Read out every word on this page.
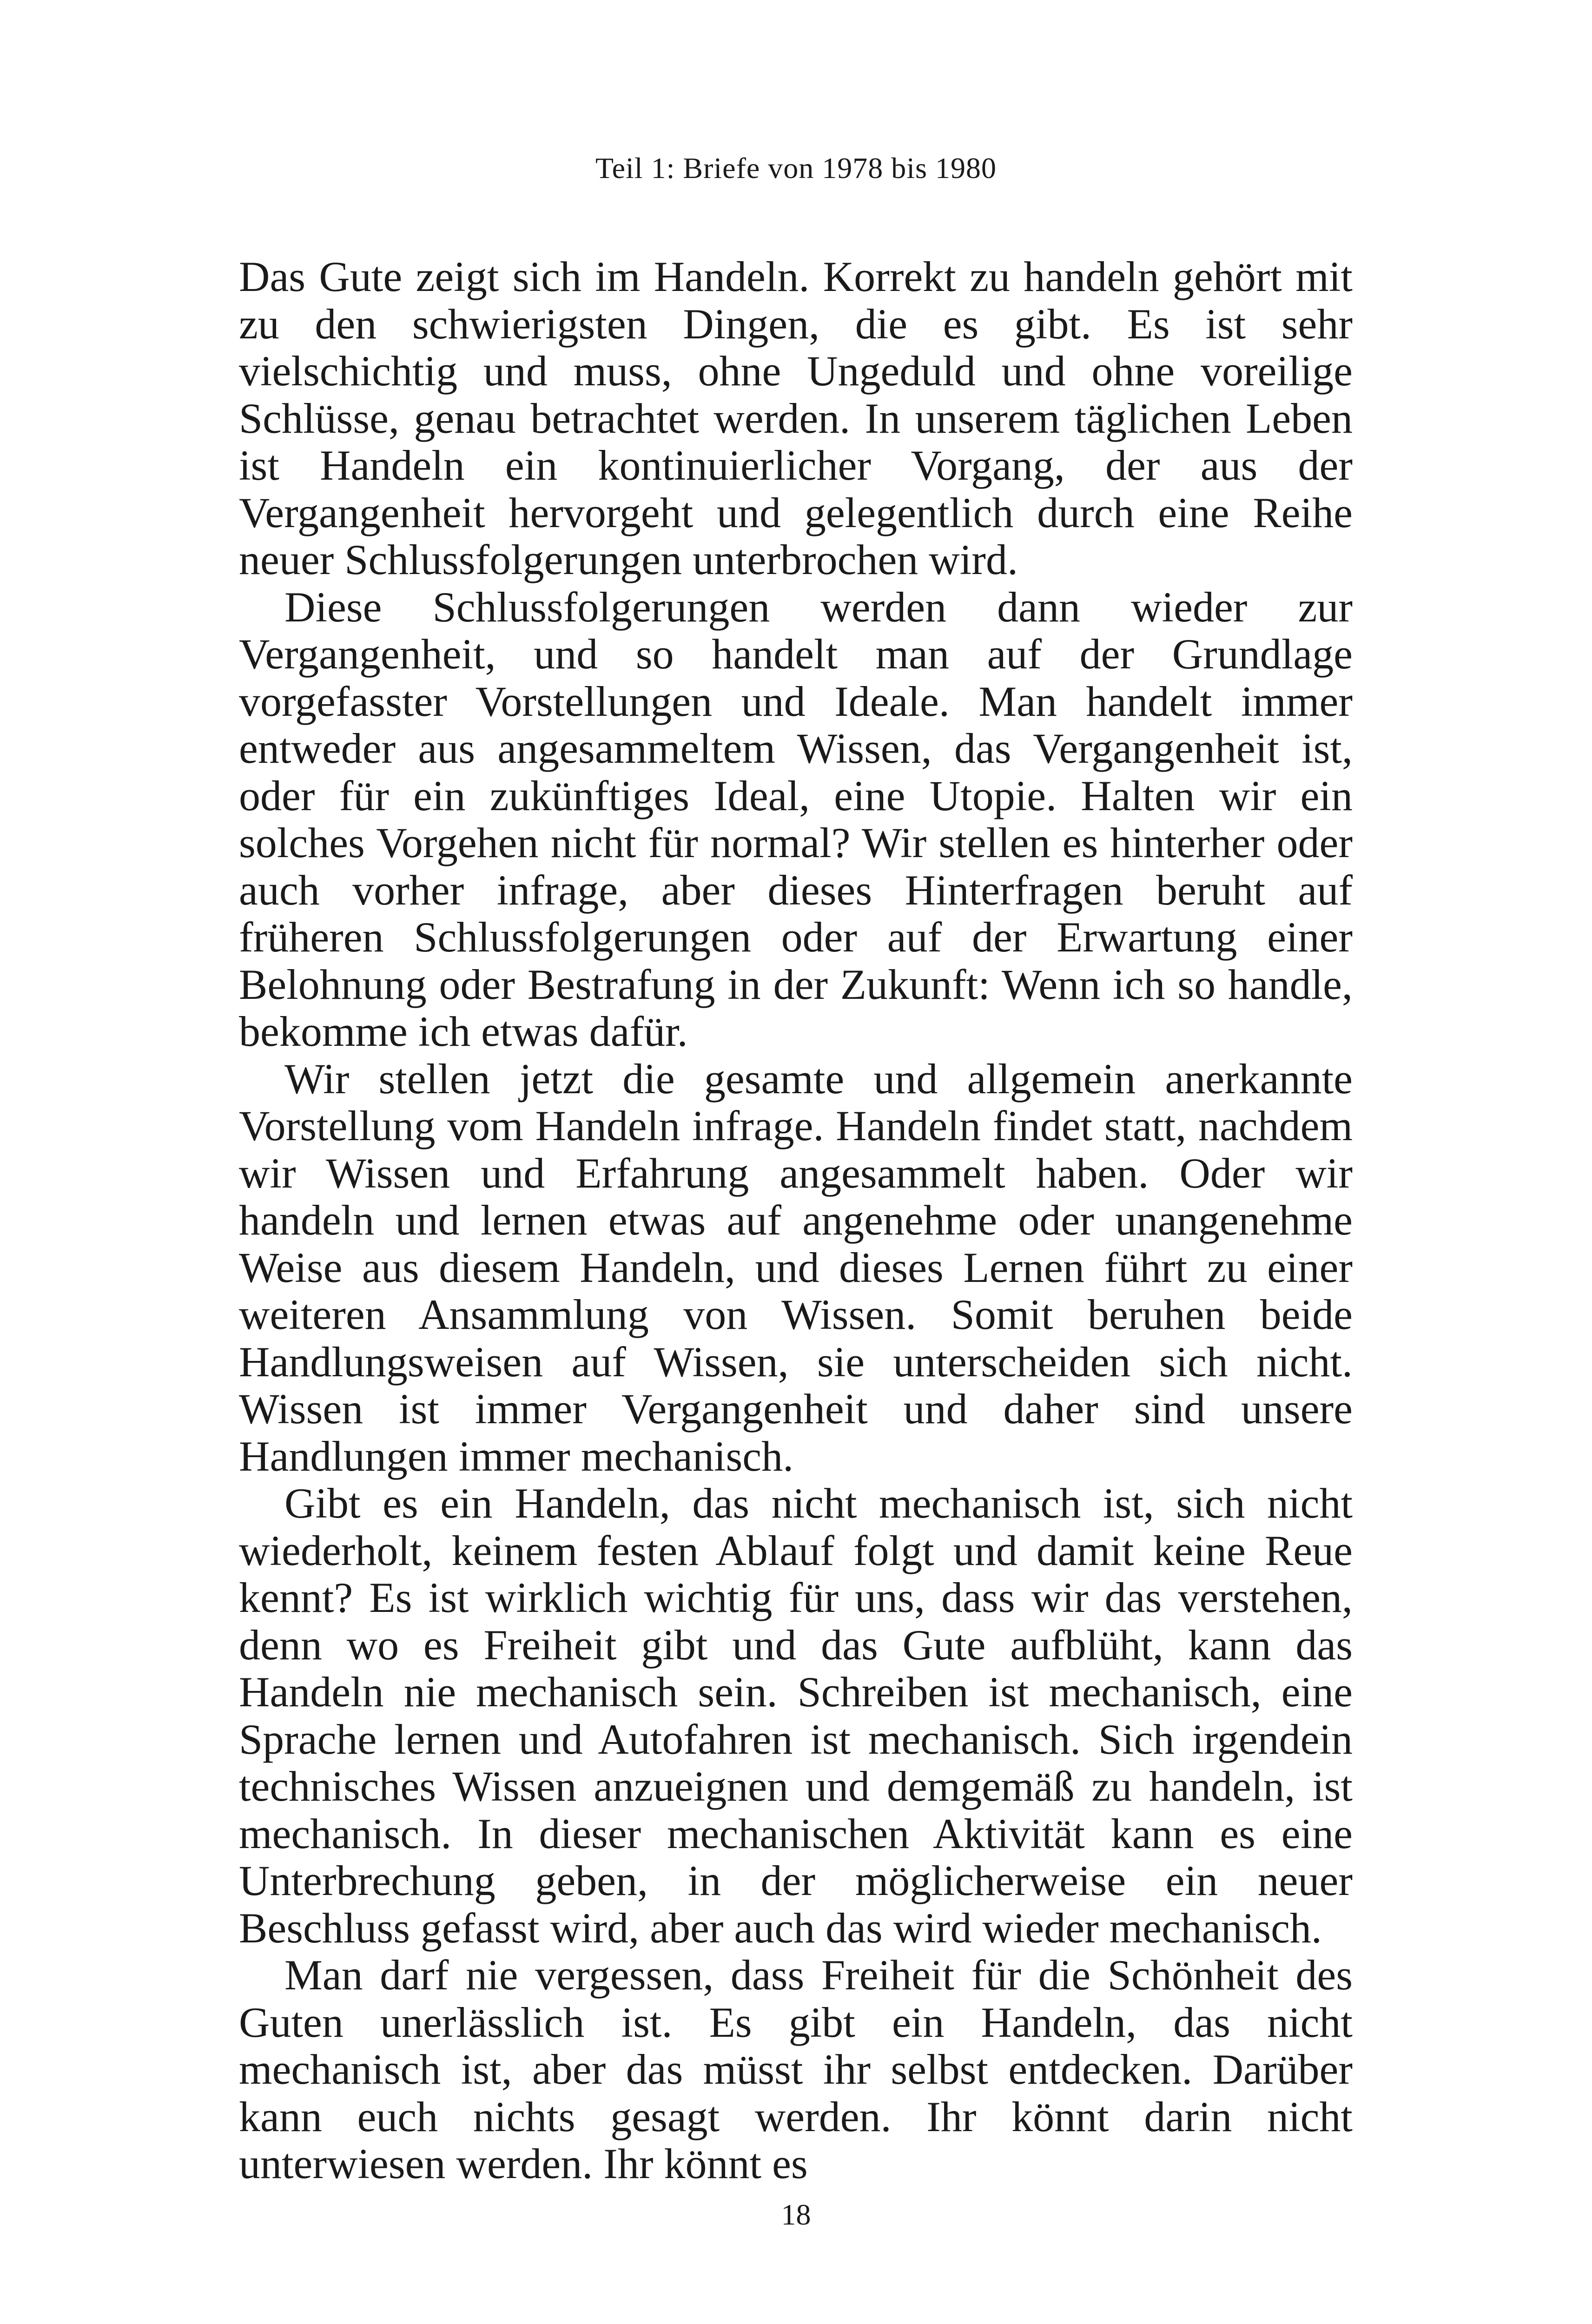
Teil 1: Briefe von 1978 bis 1980

Das Gute zeigt sich im Handeln. Korrekt zu handeln gehört mit zu den schwierigsten Dingen, die es gibt. Es ist sehr vielschichtig und muss, ohne Ungeduld und ohne voreilige Schlüsse, genau betrachtet werden. In unserem täglichen Leben ist Handeln ein kontinuierlicher Vorgang, der aus der Vergangenheit hervorgeht und gelegentlich durch eine Reihe neuer Schlussfolgerungen unterbrochen wird.

Diese Schlussfolgerungen werden dann wieder zur Vergangenheit, und so handelt man auf der Grundlage vorgefasster Vorstellungen und Ideale. Man handelt immer entweder aus angesammeltem Wissen, das Vergangenheit ist, oder für ein zukünftiges Ideal, eine Utopie. Halten wir ein solches Vorgehen nicht für normal? Wir stellen es hinterher oder auch vorher infrage, aber dieses Hinterfragen beruht auf früheren Schlussfolgerungen oder auf der Erwartung einer Belohnung oder Bestrafung in der Zukunft: Wenn ich so handle, bekomme ich etwas dafür.

Wir stellen jetzt die gesamte und allgemein anerkannte Vorstellung vom Handeln infrage. Handeln findet statt, nachdem wir Wissen und Erfahrung angesammelt haben. Oder wir handeln und lernen etwas auf angenehme oder unangenehme Weise aus diesem Handeln, und dieses Lernen führt zu einer weiteren Ansammlung von Wissen. Somit beruhen beide Handlungsweisen auf Wissen, sie unterscheiden sich nicht. Wissen ist immer Vergangenheit und daher sind unsere Handlungen immer mechanisch.

Gibt es ein Handeln, das nicht mechanisch ist, sich nicht wiederholt, keinem festen Ablauf folgt und damit keine Reue kennt? Es ist wirklich wichtig für uns, dass wir das verstehen, denn wo es Freiheit gibt und das Gute aufblüht, kann das Handeln nie mechanisch sein. Schreiben ist mechanisch, eine Sprache lernen und Autofahren ist mechanisch. Sich irgendein technisches Wissen anzueignen und demgemäß zu handeln, ist mechanisch. In dieser mechanischen Aktivität kann es eine Unterbrechung geben, in der möglicherweise ein neuer Beschluss gefasst wird, aber auch das wird wieder mechanisch.

Man darf nie vergessen, dass Freiheit für die Schönheit des Guten unerlässlich ist. Es gibt ein Handeln, das nicht mechanisch ist, aber das müsst ihr selbst entdecken. Darüber kann euch nichts gesagt werden. Ihr könnt darin nicht unterwiesen werden. Ihr könnt es

18
